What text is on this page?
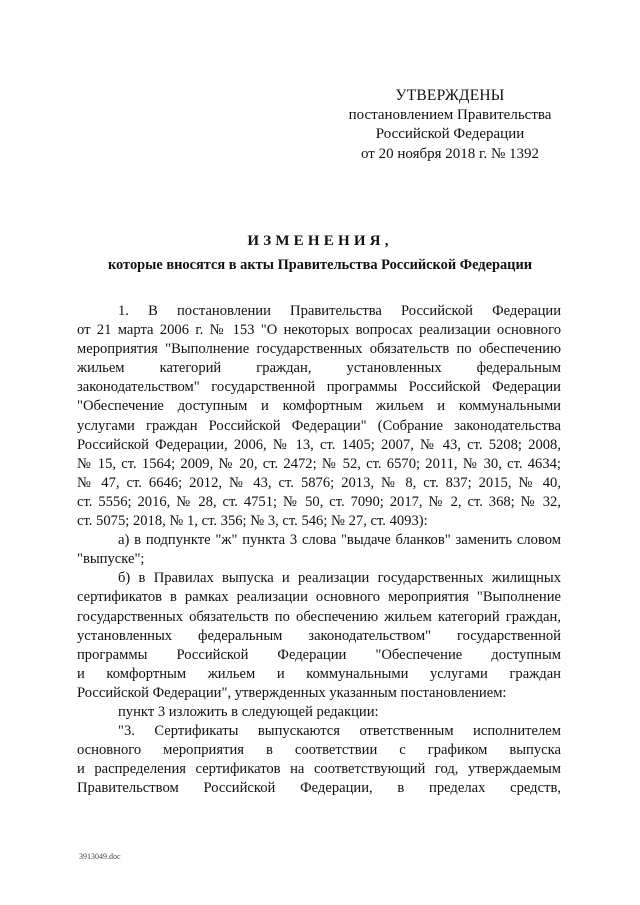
УТВЕРЖДЕНЫ
постановлением Правительства
Российской Федерации
от 20 ноября 2018 г. № 1392
ИЗМЕНЕНИЯ,
которые вносятся в акты Правительства Российской Федерации
1. В постановлении Правительства Российской Федерации
от 21 марта 2006 г. № 153 "О некоторых вопросах реализации основного
мероприятия "Выполнение государственных обязательств по обеспечению
жильем категорий граждан, установленных федеральным
законодательством" государственной программы Российской Федерации
"Обеспечение доступным и комфортным жильем и коммунальными
услугами граждан Российской Федерации" (Собрание законодательства
Российской Федерации, 2006, № 13, ст. 1405; 2007, № 43, ст. 5208; 2008,
№ 15, ст. 1564; 2009, № 20, ст. 2472; № 52, ст. 6570; 2011, № 30, ст. 4634;
№ 47, ст. 6646; 2012, № 43, ст. 5876; 2013, № 8, ст. 837; 2015, № 40,
ст. 5556; 2016, № 28, ст. 4751; № 50, ст. 7090; 2017, № 2, ст. 368; № 32,
ст. 5075; 2018, № 1, ст. 356; № 3, ст. 546; № 27, ст. 4093):
а) в подпункте "ж" пункта 3 слова "выдаче бланков" заменить словом
"выпуске";
б) в Правилах выпуска и реализации государственных жилищных
сертификатов в рамках реализации основного мероприятия "Выполнение
государственных обязательств по обеспечению жильем категорий граждан,
установленных федеральным законодательством" государственной
программы Российской Федерации "Обеспечение доступным
и комфортным жильем и коммунальными услугами граждан
Российской Федерации", утвержденных указанным постановлением:
пункт 3 изложить в следующей редакции:
"3. Сертификаты выпускаются ответственным исполнителем
основного мероприятия в соответствии с графиком выпуска
и распределения сертификатов на соответствующий год, утверждаемым
Правительством Российской Федерации, в пределах средств,
3913049.doc
